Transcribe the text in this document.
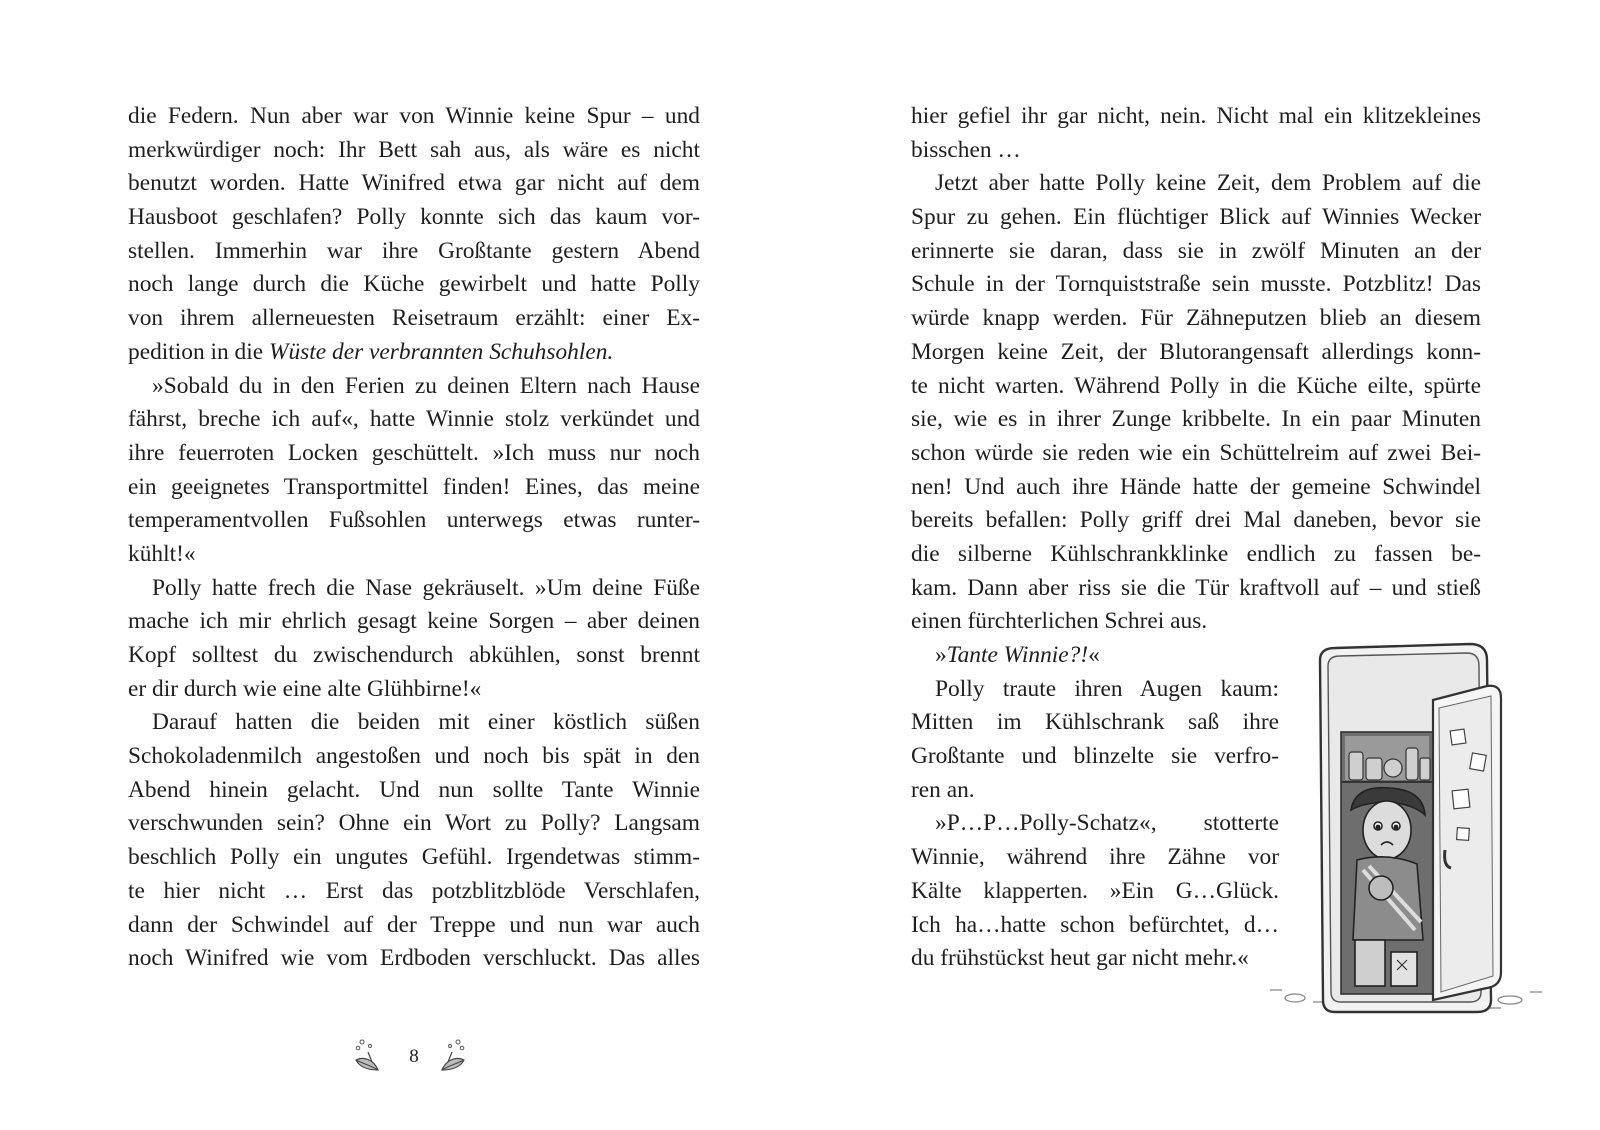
die Federn. Nun aber war von Winnie keine Spur – und
merkwürdiger noch: Ihr Bett sah aus, als wäre es nicht
benutzt worden. Hatte Winifred etwa gar nicht auf dem
Hausboot geschlafen? Polly konnte sich das kaum vor-
stellen. Immerhin war ihre Großtante gestern Abend
noch lange durch die Küche gewirbelt und hatte Polly
von ihrem allerneuesten Reisetraum erzählt: einer Ex-
pedition in die Wüste der verbrannten Schuhsohlen.
»Sobald du in den Ferien zu deinen Eltern nach Hause
fährst, breche ich auf«, hatte Winnie stolz verkündet und
ihre feuerroten Locken geschüttelt. »Ich muss nur noch
ein geeignetes Transportmittel finden! Eines, das meine
temperamentvollen Fußsohlen unterwegs etwas runter-
kühlt!«
Polly hatte frech die Nase gekräuselt. »Um deine Füße
mache ich mir ehrlich gesagt keine Sorgen – aber deinen
Kopf solltest du zwischendurch abkühlen, sonst brennt
er dir durch wie eine alte Glühbirne!«
Darauf hatten die beiden mit einer köstlich süßen
Schokoladenmilch angestoßen und noch bis spät in den
Abend hinein gelacht. Und nun sollte Tante Winnie
verschwunden sein? Ohne ein Wort zu Polly? Langsam
beschlich Polly ein ungutes Gefühl. Irgendetwas stimm-
te hier nicht … Erst das potzblitzblöde Verschlafen,
dann der Schwindel auf der Treppe und nun war auch
noch Winifred wie vom Erdboden verschluckt. Das alles
8
hier gefiel ihr gar nicht, nein. Nicht mal ein klitzekleines
bisschen …
Jetzt aber hatte Polly keine Zeit, dem Problem auf die
Spur zu gehen. Ein flüchtiger Blick auf Winnies Wecker
erinnerte sie daran, dass sie in zwölf Minuten an der
Schule in der Tornquiststraße sein musste. Potzblitz! Das
würde knapp werden. Für Zähneputzen blieb an diesem
Morgen keine Zeit, der Blutorangensaft allerdings konn-
te nicht warten. Während Polly in die Küche eilte, spürte
sie, wie es in ihrer Zunge kribbelte. In ein paar Minuten
schon würde sie reden wie ein Schüttelreim auf zwei Bei-
nen! Und auch ihre Hände hatte der gemeine Schwindel
bereits befallen: Polly griff drei Mal daneben, bevor sie
die silberne Kühlschrankklinke endlich zu fassen be-
kam. Dann aber riss sie die Tür kraftvoll auf – und stieß
einen fürchterlichen Schrei aus.
»Tante Winnie?!«
Polly traute ihren Augen kaum:
Mitten im Kühlschrank saß ihre
Großtante und blinzelte sie verfro-
ren an.
»P…P…Polly-Schatz«, stotterte
Winnie, während ihre Zähne vor
Kälte klapperten. »Ein G…Glück.
Ich ha…hatte schon befürchtet, d…
du frühstückst heut gar nicht mehr.«
